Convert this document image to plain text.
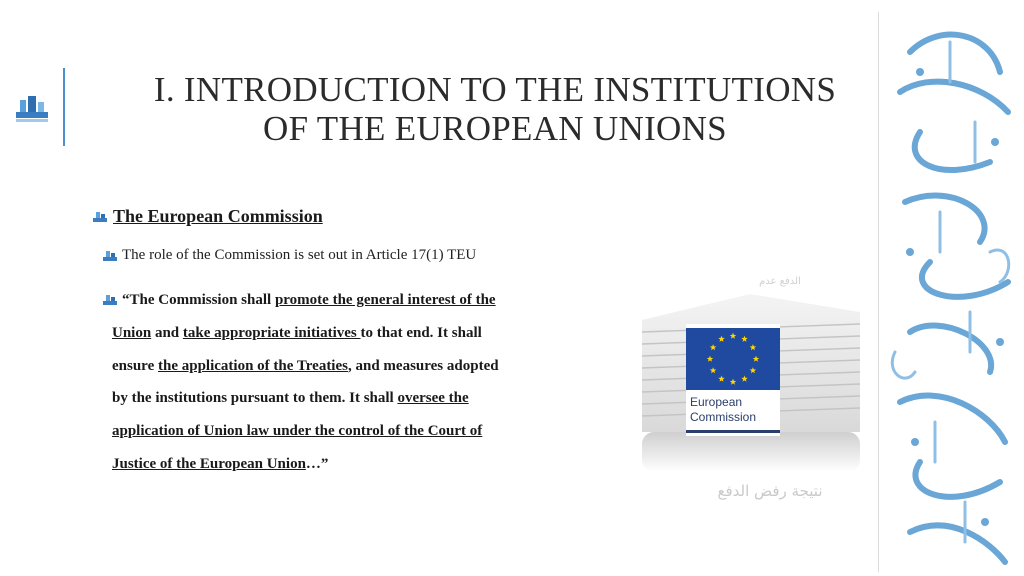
I. INTRODUCTION TO THE INSTITUTIONS
OF THE EUROPEAN UNIONS
The European Commission
The role of the Commission is set out in Article 17(1) TEU
“The Commission shall promote the general interest of the
Union and take appropriate initiatives to that end. It shall
ensure the application of the Treaties, and measures adopted
by the institutions pursuant to them. It shall oversee the
application of Union law under the control of the Court of
Justice of the European Union…”
الدفع عدم
European
Commission
نتيجة رفض الدفع
